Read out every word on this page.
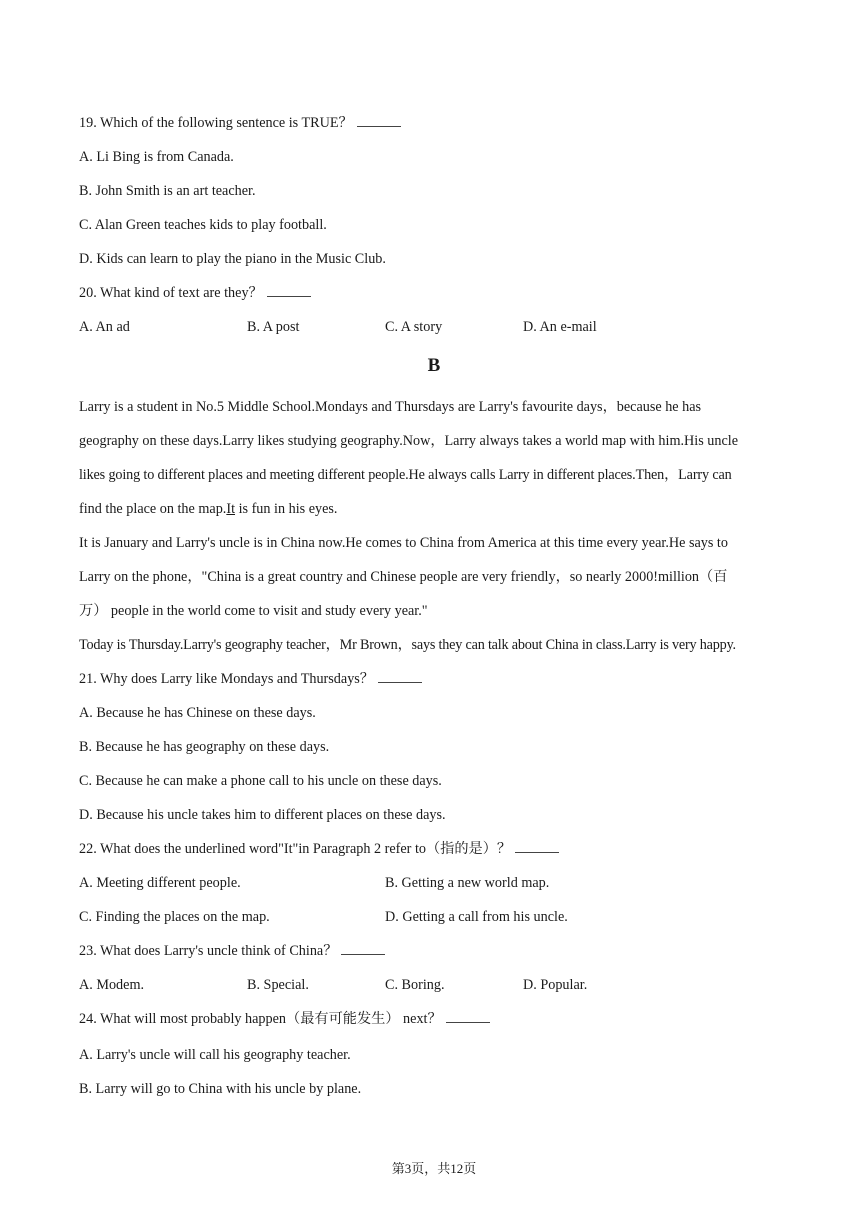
19. Which of the following sentence is TRUE？
A. Li Bing is from Canada.
B. John Smith is an art teacher.
C. Alan Green teaches kids to play football.
D. Kids can learn to play the piano in the Music Club.
20. What kind of text are they？
A. An ad	B. A post	C. A story	D. An e-mail
B
Larry is a student in No.5 Middle School.Mondays and Thursdays are Larry's favourite days，because he has
geography on these days.Larry likes studying geography.Now，Larry always takes a world map with him.His uncle
likes going to different places and meeting different people.He always calls Larry in different places.Then，Larry can
find the place on the map.It is fun in his eyes.
It is January and Larry's uncle is in China now.He comes to China from America at this time every year.He says to
Larry on the phone，"China is a great country and Chinese people are very friendly，so nearly 2000!million（百
万） people in the world come to visit and study every year."
Today is Thursday.Larry's geography teacher，Mr Brown，says they can talk about China in class.Larry is very happy.
21. Why does Larry like Mondays and Thursdays？
A. Because he has Chinese on these days.
B. Because he has geography on these days.
C. Because he can make a phone call to his uncle on these days.
D. Because his uncle takes him to different places on these days.
22. What does the underlined word"It"in Paragraph 2 refer to（指的是）？
A. Meeting different people.	B. Getting a new world map.
C. Finding the places on the map.	D. Getting a call from his uncle.
23. What does Larry's uncle think of China？
A. Modem.	B. Special.	C. Boring.	D. Popular.
24. What will most probably happen（最有可能发生） next？
A. Larry's uncle will call his geography teacher.
B. Larry will go to China with his uncle by plane.
第3页，共12页
